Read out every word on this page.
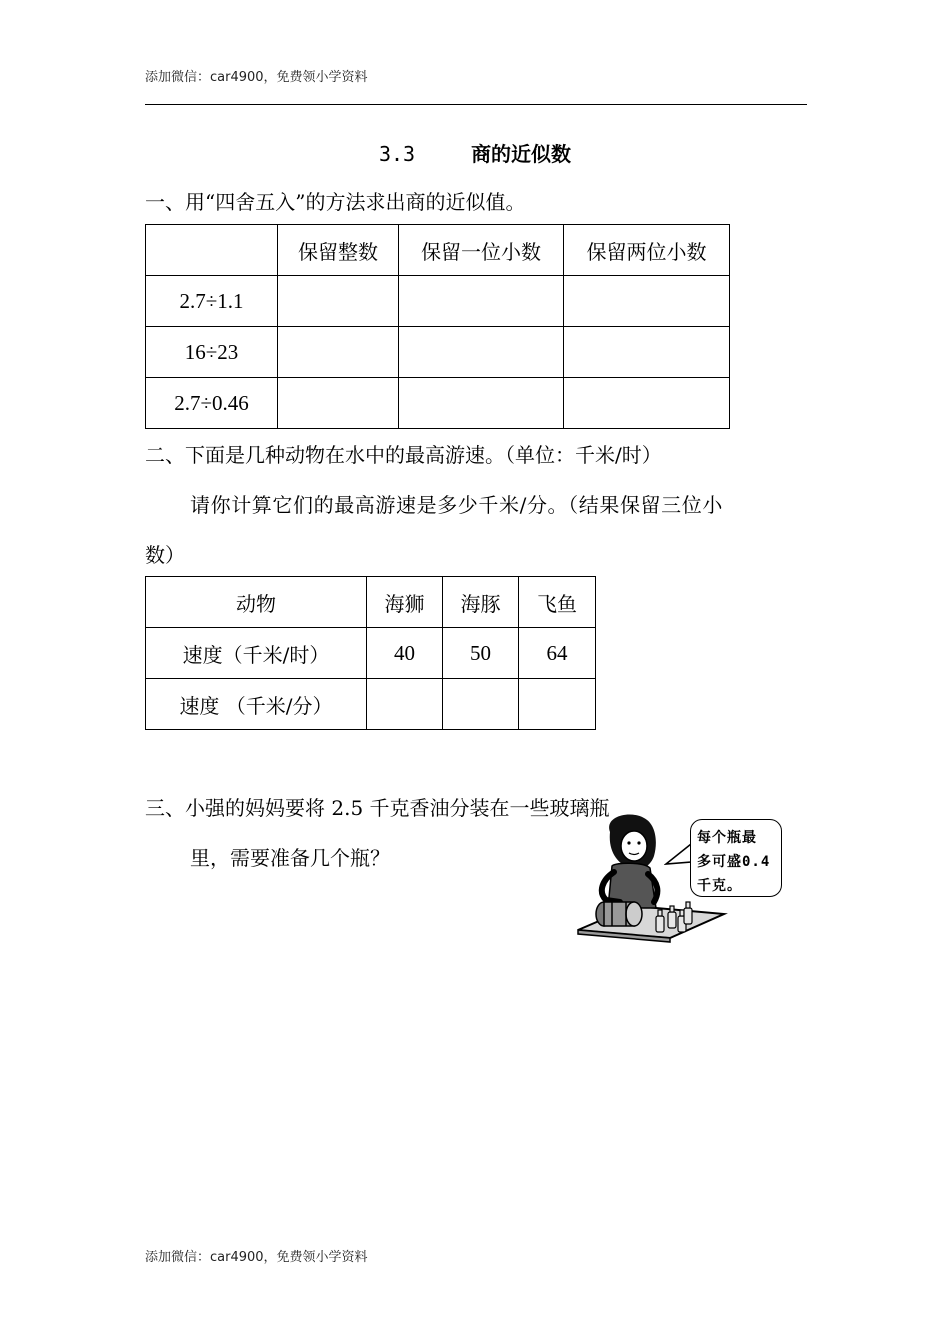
添加微信：car4900，免费领小学资料
3.3	商的近似数
一、用“四舍五入”的方法求出商的近似值。
	保留整数	保留一位小数	保留两位小数
2.7÷1.1			
16÷23			
2.7÷0.46			
二、下面是几种动物在水中的最高游速。（单位：千米/时）
请你计算它们的最高游速是多少千米/分。（结果保留三位小
数）
动物	海狮	海豚	飞鱼
速度（千米/时）	40	50	64
速度 （千米/分）			
三、小强的妈妈要将 2.5 千克香油分装在一些玻璃瓶
里，需要准备几个瓶？
每个瓶最
多可盛0.4
千克。
添加微信：car4900，免费领小学资料
